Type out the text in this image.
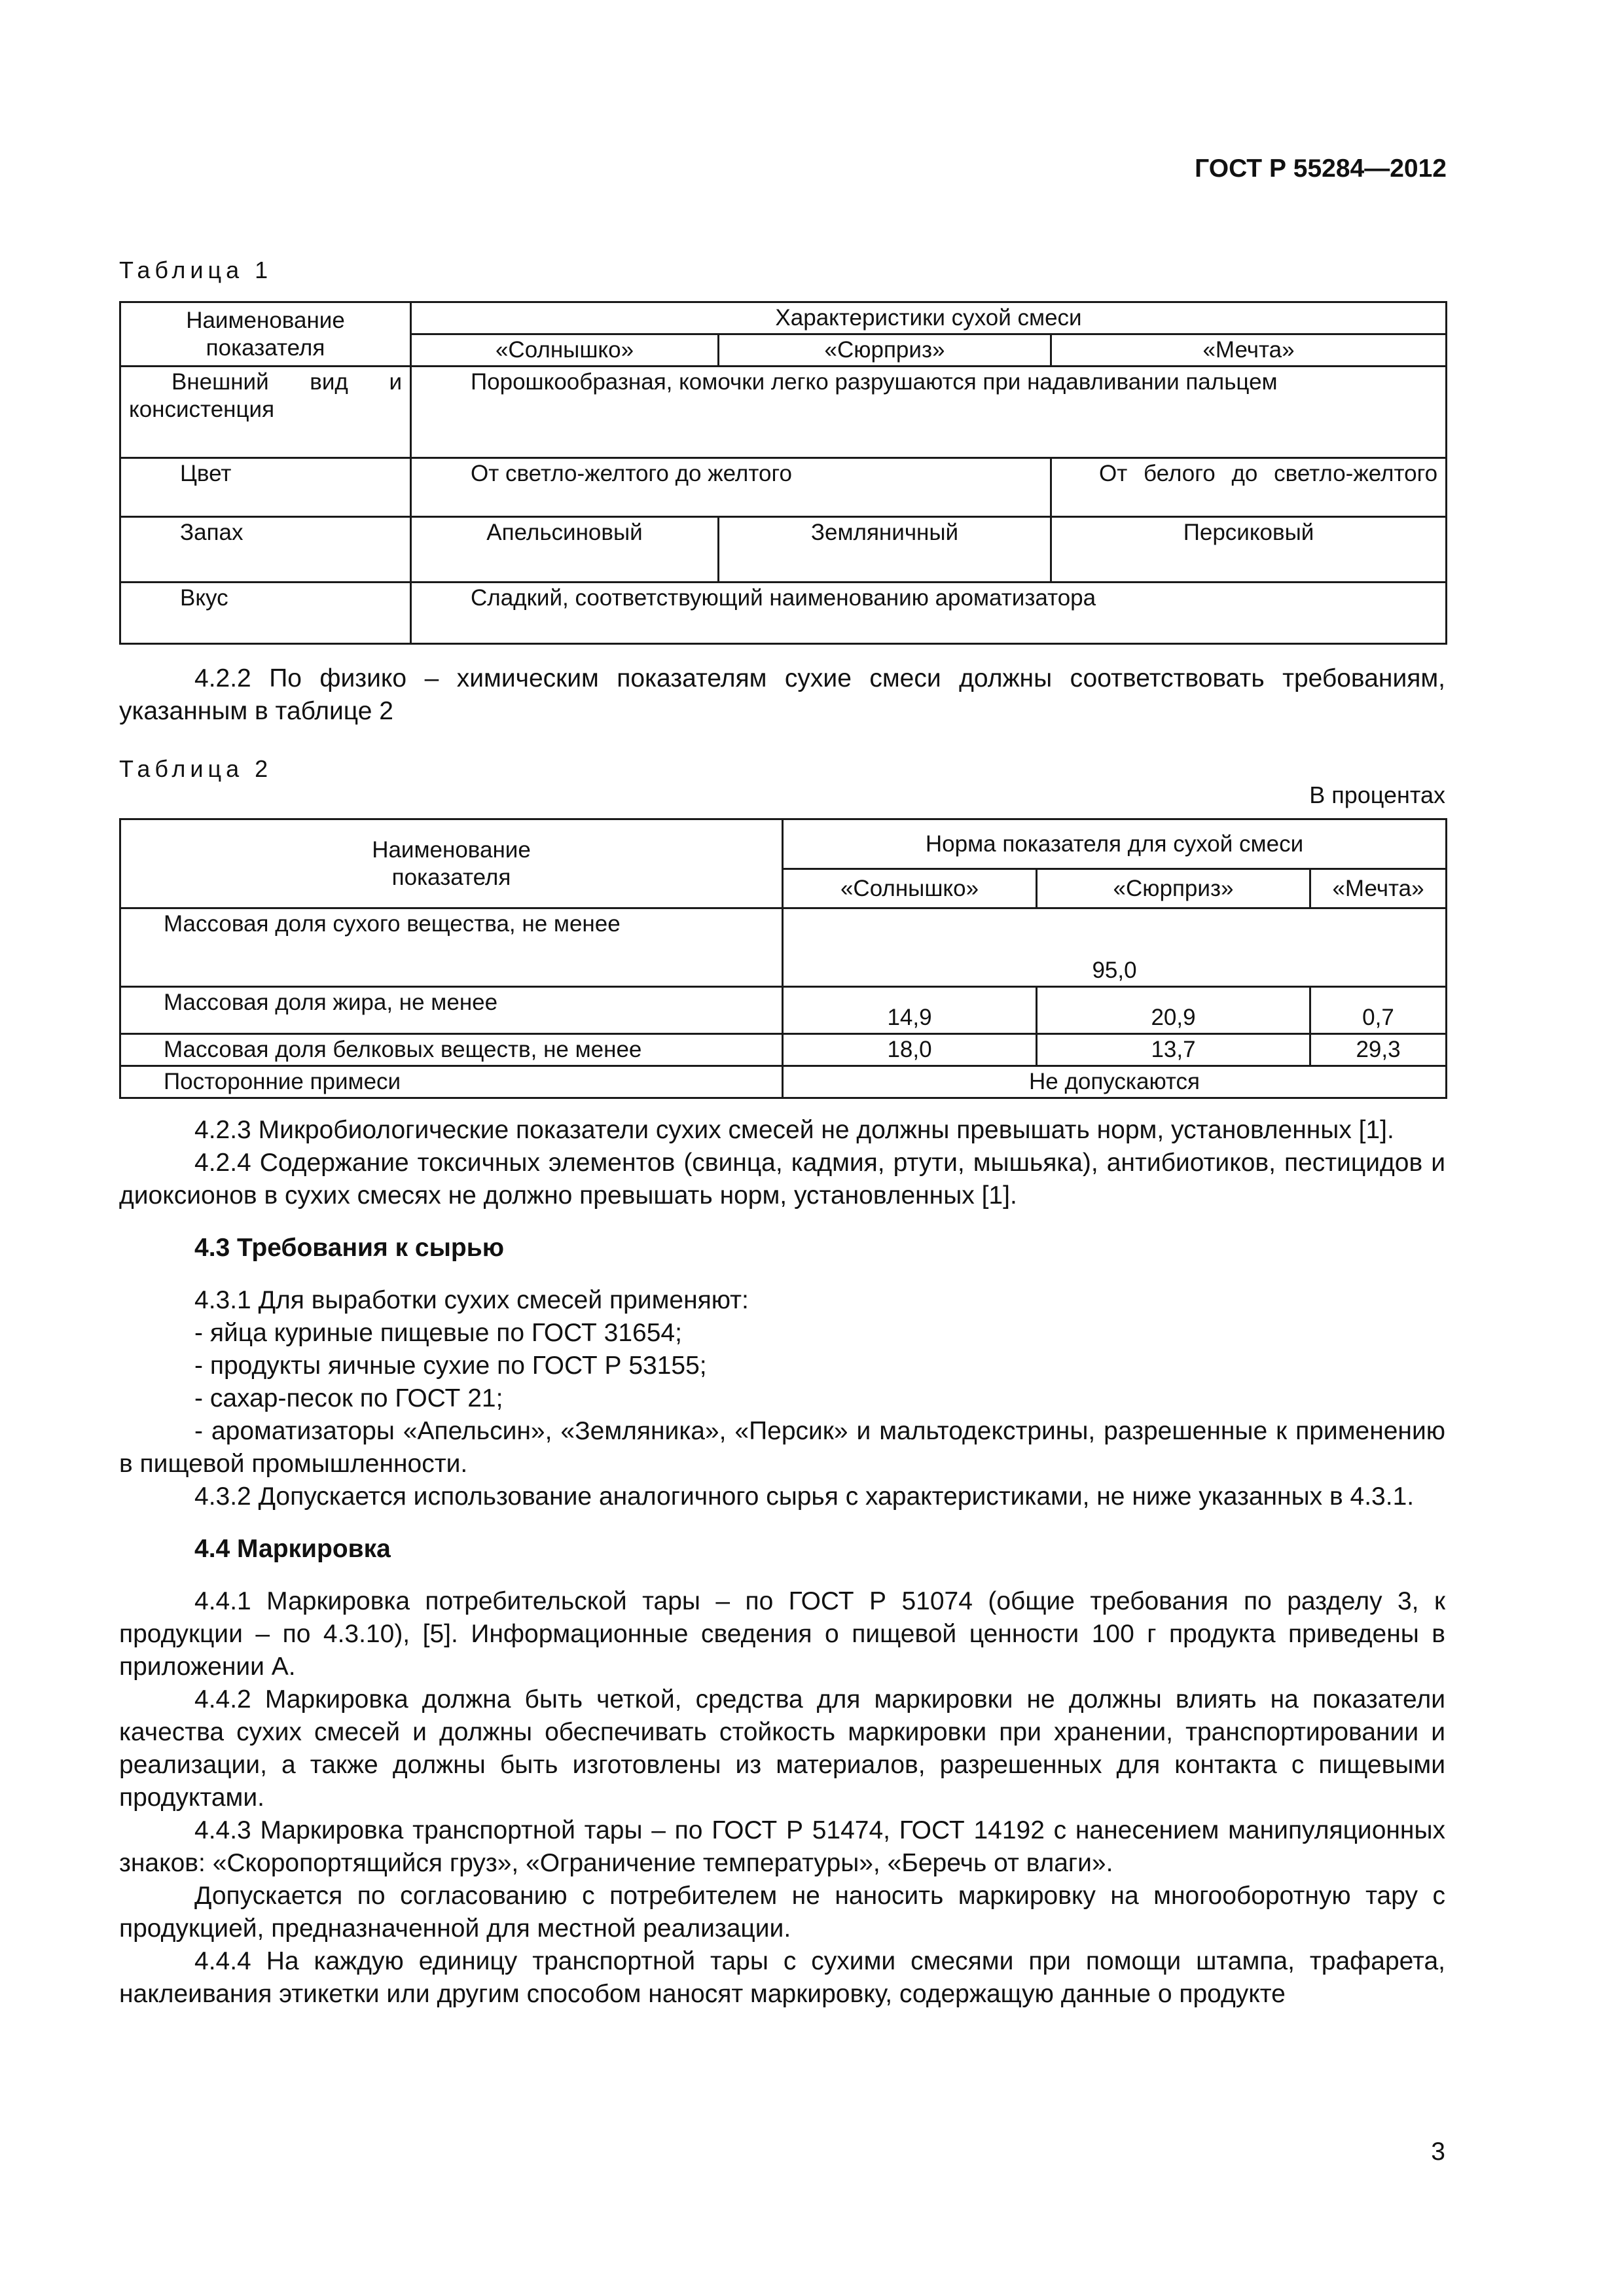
ГОСТ Р 55284—2012
Таблица 1
Наименование показателя	Характеристики сухой смеси		
	«Солнышко»	«Сюрприз»	«Мечта»
Внешний вид и консистенция	Порошкообразная, комочки легко разрушаются при надавливании пальцем		
Цвет	От светло-желтого до желтого		От белого до светло-желтого
Запах	Апельсиновый	Земляничный	Персиковый
Вкус	Сладкий, соответствующий наименованию ароматизатора		

4.2.2 По физико – химическим показателям сухие смеси должны соответствовать требованиям, указанным в таблице 2

Таблица 2
В процентах
Наименование показателя	Норма показателя для сухой смеси		
	«Солнышко»	«Сюрприз»	«Мечта»
Массовая доля сухого вещества, не менее	95,0		
Массовая доля жира, не менее	14,9	20,9	0,7
Массовая доля белковых веществ, не менее	18,0	13,7	29,3
Посторонние примеси	Не допускаются		

4.2.3 Микробиологические показатели сухих смесей не должны превышать норм, установленных [1].

4.2.4 Содержание токсичных элементов (свинца, кадмия, ртути, мышьяка), антибиотиков, пестицидов и диоксионов в сухих смесях не должно превышать норм, установленных [1].

4.3 Требования к сырью

4.3.1 Для выработки сухих смесей применяют:

- яйца куриные пищевые по ГОСТ 31654;

- продукты яичные сухие по ГОСТ Р 53155;

- сахар-песок по ГОСТ 21;

- ароматизаторы «Апельсин», «Земляника», «Персик» и мальтодекстрины, разрешенные к применению в пищевой промышленности.

4.3.2 Допускается использование аналогичного сырья с характеристиками, не ниже указанных в 4.3.1.

4.4 Маркировка

4.4.1 Маркировка потребительской тары – по ГОСТ Р 51074 (общие требования по разделу 3, к продукции – по 4.3.10), [5]. Информационные сведения о пищевой ценности 100 г продукта приведены в приложении А.

4.4.2 Маркировка должна быть четкой, средства для маркировки не должны влиять на показатели качества сухих смесей и должны обеспечивать стойкость маркировки при хранении, транспортировании и реализации, а также должны быть изготовлены из материалов, разрешенных для контакта с пищевыми продуктами.

4.4.3 Маркировка транспортной тары – по ГОСТ Р 51474, ГОСТ 14192 с нанесением манипуляционных знаков: «Скоропортящийся груз», «Ограничение температуры», «Беречь от влаги».

Допускается по согласованию с потребителем не наносить маркировку на многооборотную тару с продукцией, предназначенной для местной реализации.

4.4.4 На каждую единицу транспортной тары с сухими смесями при помощи штампа, трафарета, наклеивания этикетки или другим способом наносят маркировку, содержащую данные о продукте

3
